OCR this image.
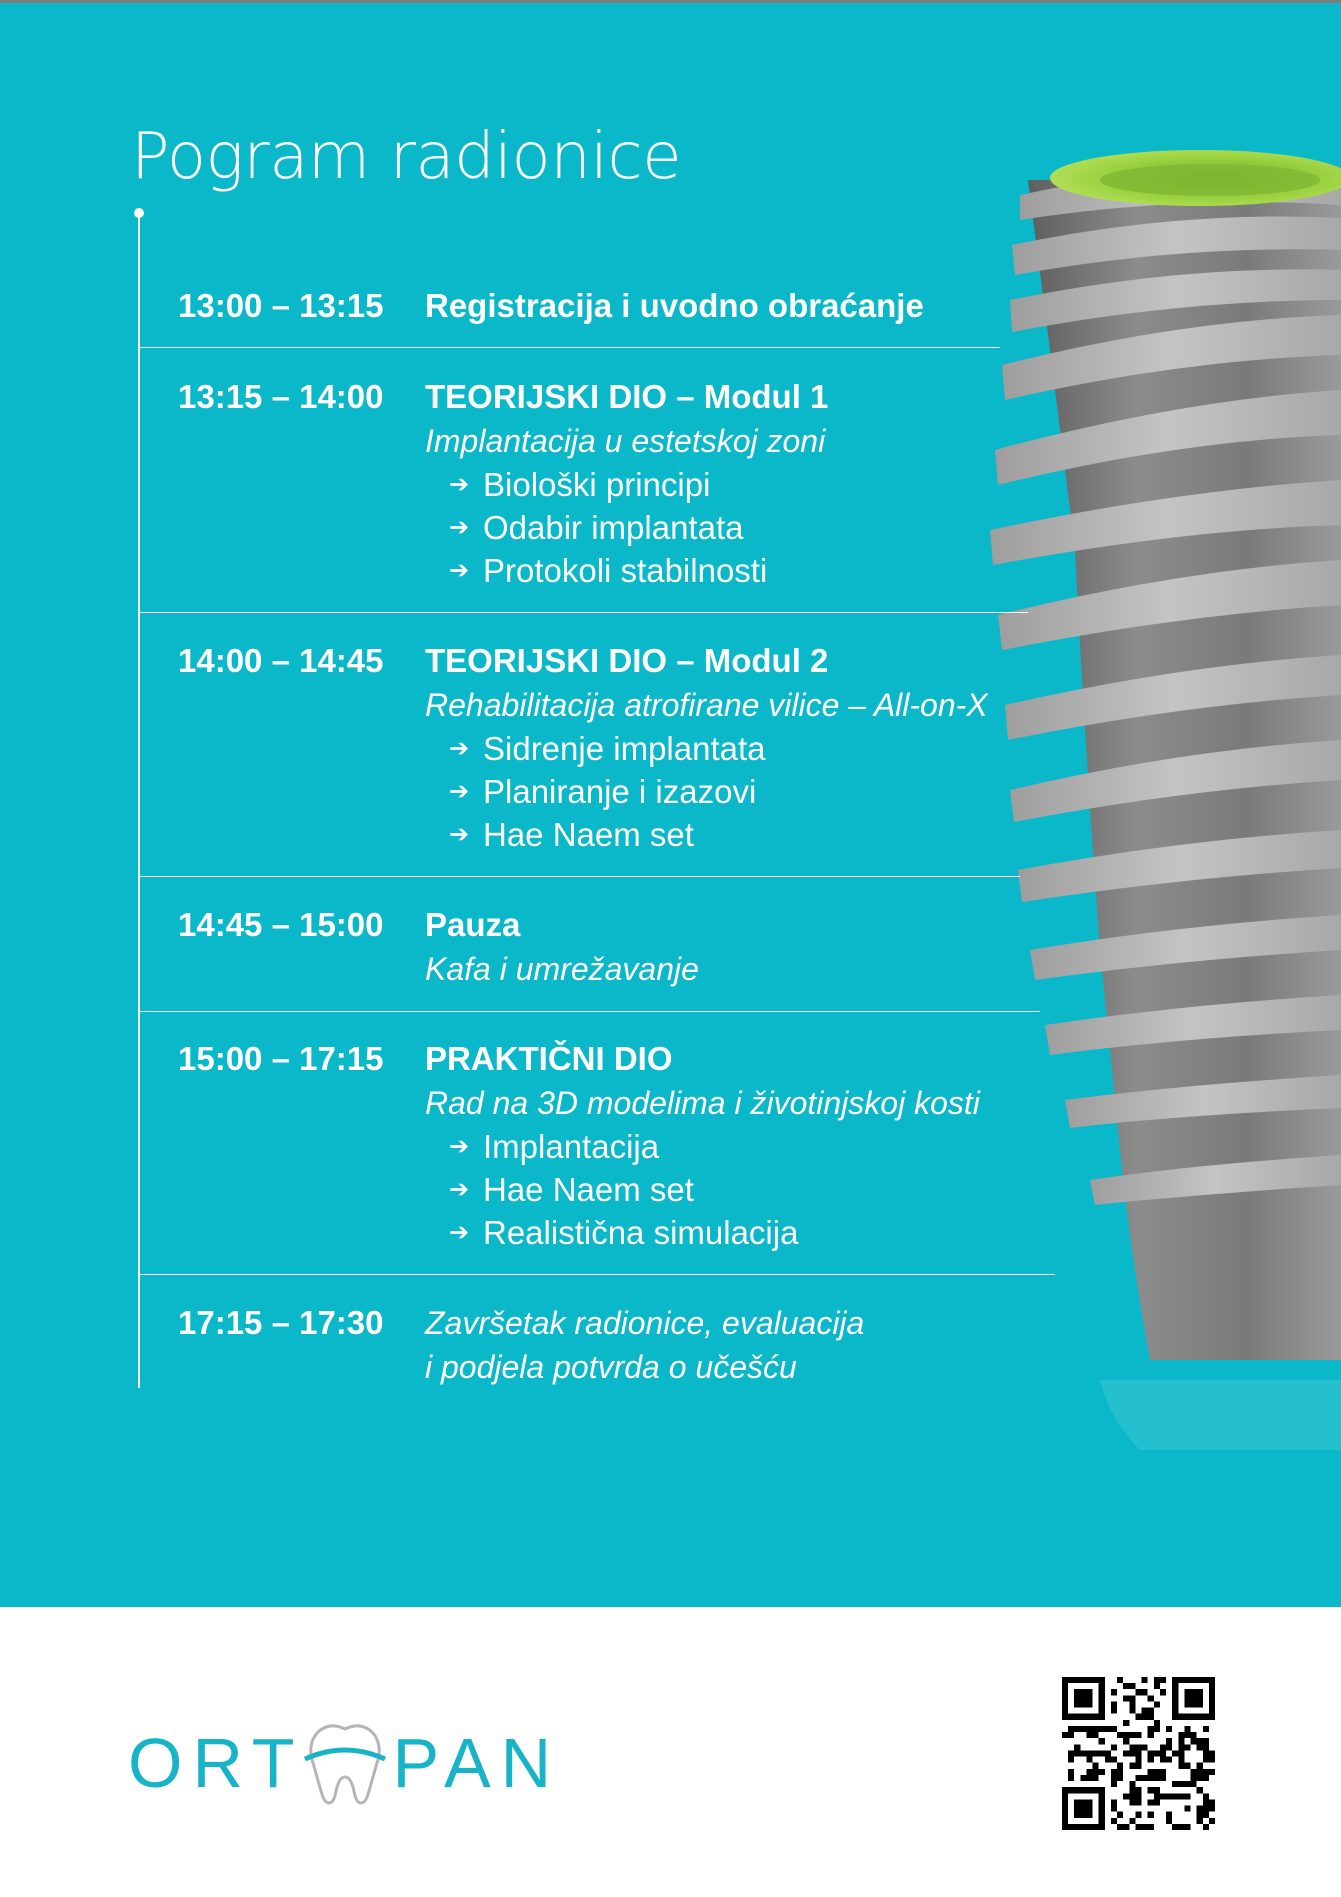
Pogram radionice
13:00 – 13:15 Registracija i uvodno obraćanje
13:15 – 14:00 TEORIJSKI DIO – Modul 1
Implantacija u estetskoj zoni
➔ Biološki principi
➔ Odabir implantata
➔ Protokoli stabilnosti
14:00 – 14:45 TEORIJSKI DIO – Modul 2
Rehabilitacija atrofirane vilice – All-on-X
➔ Sidrenje implantata
➔ Planiranje i izazovi
➔ Hae Naem set
14:45 – 15:00 Pauza
Kafa i umrežavanje
15:00 – 17:15 PRAKTIČNI DIO
Rad na 3D modelima i životinjskoj kosti
➔ Implantacija
➔ Hae Naem set
➔ Realistična simulacija
17:15 – 17:30 Završetak radionice, evaluacija
i podjela potvrda o učešću
ORT PAN
